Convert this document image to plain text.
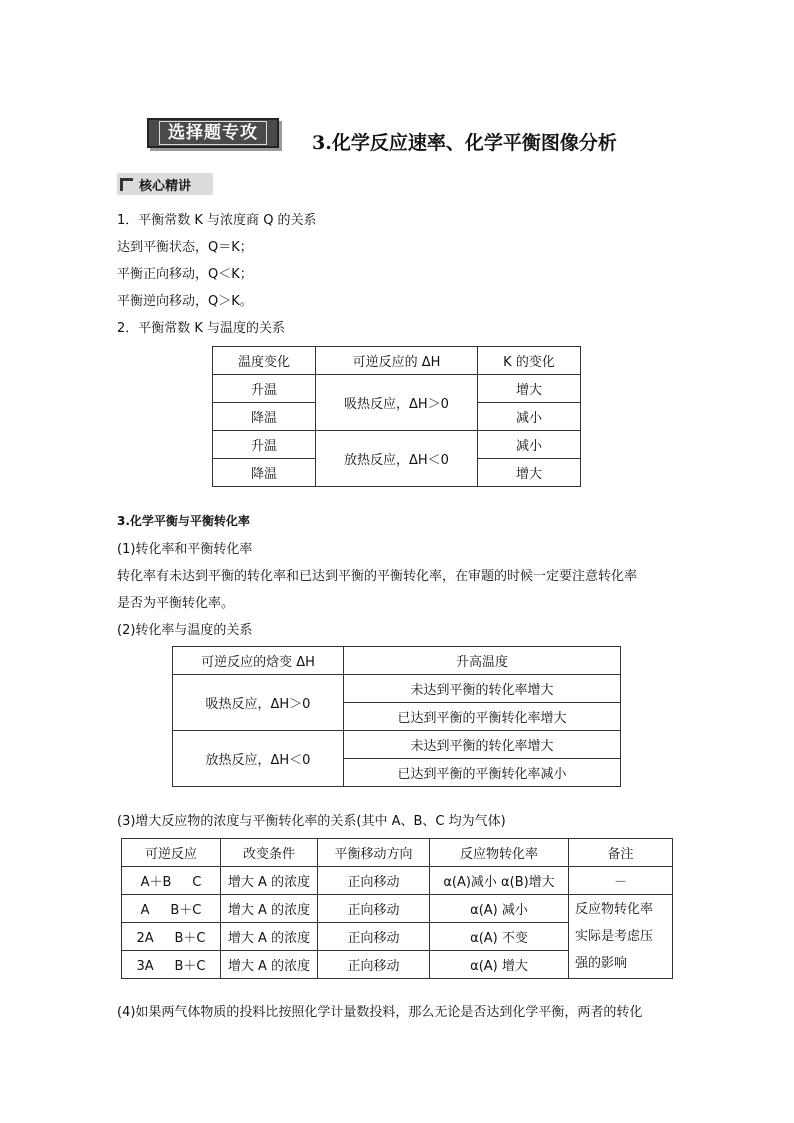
选择题专攻	3.化学反应速率、化学平衡图像分析
核心精讲
1．平衡常数 K 与浓度商 Q 的关系
达到平衡状态，Q＝K；
平衡正向移动，Q＜K；
平衡逆向移动，Q＞K。
2．平衡常数 K 与温度的关系
温度变化	可逆反应的 ΔH	K 的变化
升温	吸热反应，ΔH＞0	增大
降温		减小
升温	放热反应，ΔH＜0	减小
降温		增大
3.化学平衡与平衡转化率
(1)转化率和平衡转化率
转化率有未达到平衡的转化率和已达到平衡的平衡转化率，在审题的时候一定要注意转化率
是否为平衡转化率。
(2)转化率与温度的关系
可逆反应的焓变 ΔH	升高温度
吸热反应，ΔH＞0	未达到平衡的转化率增大
	已达到平衡的平衡转化率增大
放热反应，ΔH＜0	未达到平衡的转化率增大
	已达到平衡的平衡转化率减小
(3)增大反应物的浓度与平衡转化率的关系(其中 A、B、C 均为气体)
可逆反应	改变条件	平衡移动方向	反应物转化率	备注
A＋BC	增大 A 的浓度	正向移动	α(A)减小 α(B)增大	－
AB＋C	增大 A 的浓度	正向移动	α(A) 减小	反应物转化率
实际是考虑压
强的影响

2AB＋C	增大 A 的浓度	正向移动	α(A) 不变	
3AB＋C	增大 A 的浓度	正向移动	α(A) 增大	
(4)如果两气体物质的投料比按照化学计量数投料，那么无论是否达到化学平衡，两者的转化
